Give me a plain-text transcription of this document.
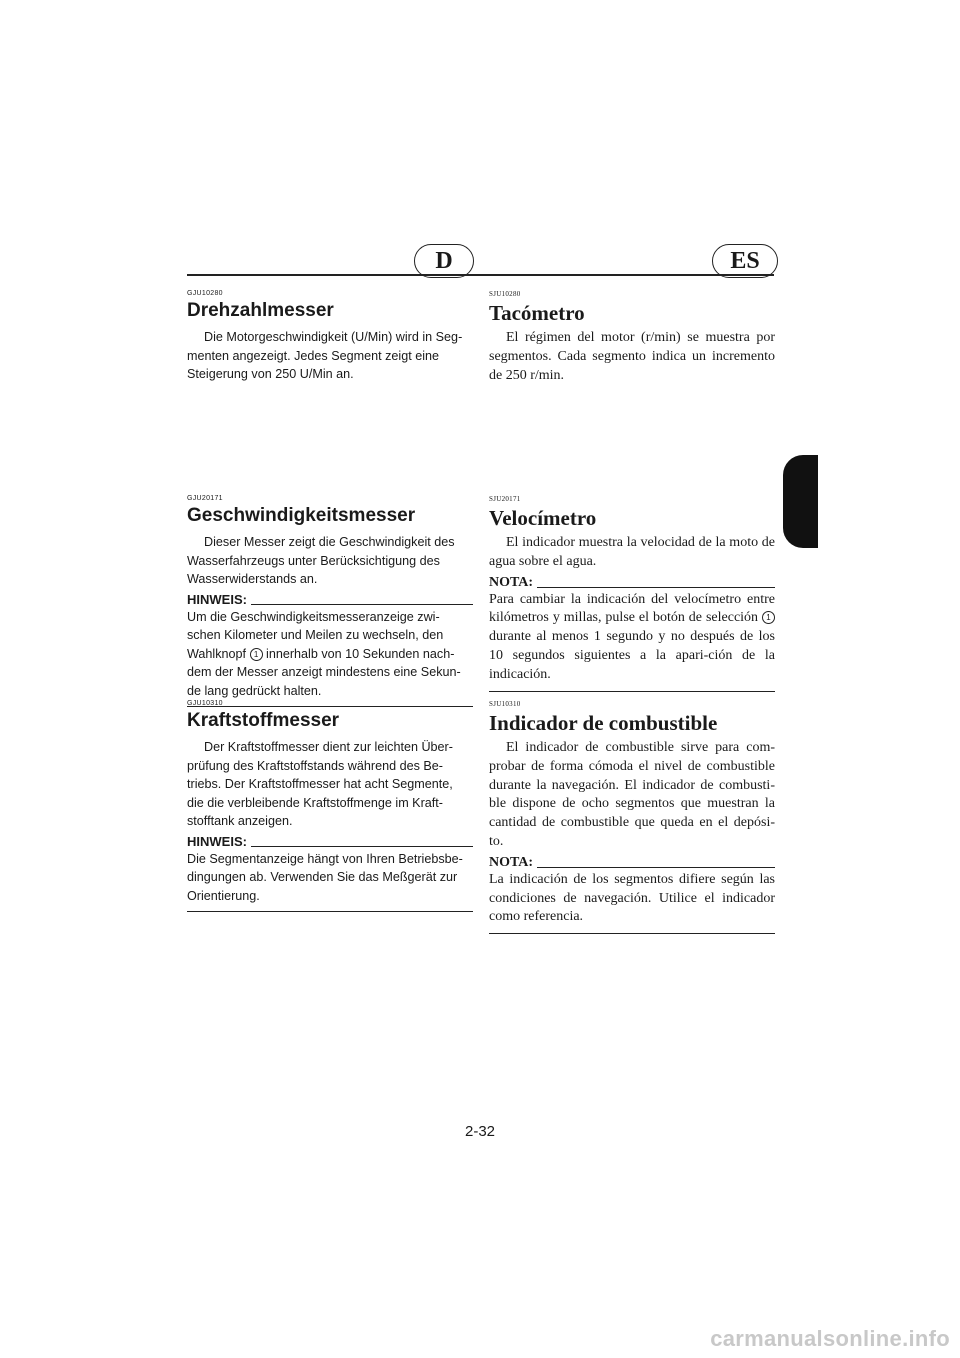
D	ES
GJU10280
Drehzahlmesser

Die Motorgeschwindigkeit (U/Min) wird in Seg-menten angezeigt. Jedes Segment zeigt eine Steigerung von 250 U/Min an.

GJU20171
Geschwindigkeitsmesser

Dieser Messer zeigt die Geschwindigkeit des Wasserfahrzeugs unter Berücksichtigung des Wasserwiderstands an.

HINWEIS:

Um die Geschwindigkeitsmesseranzeige zwi-schen Kilometer und Meilen zu wechseln, den Wahlknopf 1 innerhalb von 10 Sekunden nach-dem der Messer anzeigt mindestens eine Sekun-de lang gedrückt halten.

GJU10310
Kraftstoffmesser

Der Kraftstoffmesser dient zur leichten Über-prüfung des Kraftstoffstands während des Be-triebs. Der Kraftstoffmesser hat acht Segmente, die die verbleibende Kraftstoffmenge im Kraft-stofftank anzeigen.

HINWEIS:

Die Segmentanzeige hängt von Ihren Betriebsbe-dingungen ab. Verwenden Sie das Meßgerät zur Orientierung.

SJU10280
Tacómetro

El régimen del motor (r/min) se muestra por segmentos. Cada segmento indica un incremento de 250 r/min.

SJU20171
Velocímetro

El indicador muestra la velocidad de la moto de agua sobre el agua.

NOTA:

Para cambiar la indicación del velocímetro entre kilómetros y millas, pulse el botón de selección 1 durante al menos 1 segundo y no después de los 10 segundos siguientes a la apari-ción de la indicación.

SJU10310
Indicador de combustible

El indicador de combustible sirve para com-probar de forma cómoda el nivel de combustible durante la navegación. El indicador de combusti-ble dispone de ocho segmentos que muestran la cantidad de combustible que queda en el depósi-to.

NOTA:

La indicación de los segmentos difiere según las condiciones de navegación. Utilice el indicador como referencia.

2-32
carmanualsonline.info
